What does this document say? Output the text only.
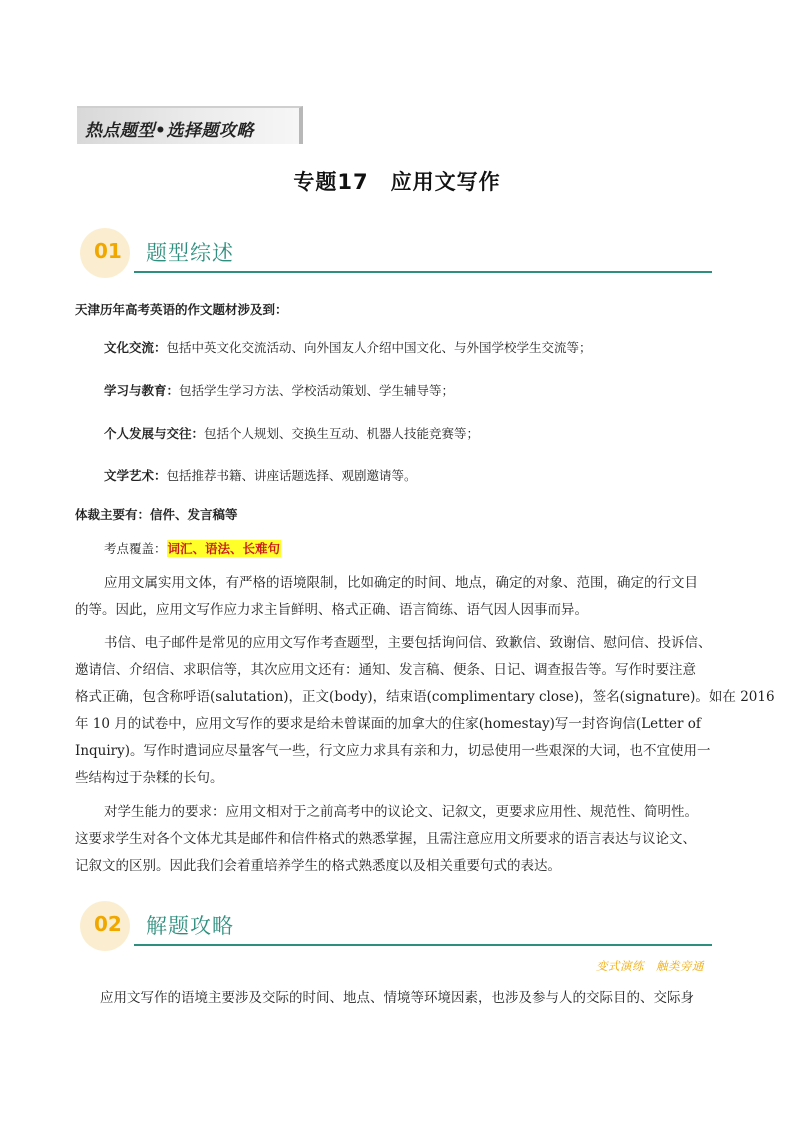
热点题型•选择题攻略
专题17　应用文写作
01 题型综述
天津历年高考英语的作文题材涉及到：
文化交流：包括中英文化交流活动、向外国友人介绍中国文化、与外国学校学生交流等；
学习与教育：包括学生学习方法、学校活动策划、学生辅导等；
个人发展与交往：包括个人规划、交换生互动、机器人技能竞赛等；
文学艺术：包括推荐书籍、讲座话题选择、观剧邀请等。
体裁主要有：信件、发言稿等
考点覆盖：词汇、语法、长难句
应用文属实用文体，有严格的语境限制，比如确定的时间、地点，确定的对象、范围，确定的行文目
的等。因此，应用文写作应力求主旨鲜明、格式正确、语言简练、语气因人因事而异。
书信、电子邮件是常见的应用文写作考查题型，主要包括询问信、致歉信、致谢信、慰问信、投诉信、
邀请信、介绍信、求职信等，其次应用文还有：通知、发言稿、便条、日记、调查报告等。写作时要注意
格式正确，包含称呼语(salutation)，正文(body)，结束语(complimentary close)，签名(signature)。如在 2016
年 10 月的试卷中，应用文写作的要求是给未曾谋面的加拿大的住家(homestay)写一封咨询信(Letter of
Inquiry)。写作时遣词应尽量客气一些，行文应力求具有亲和力，切忌使用一些艰深的大词，也不宜使用一
些结构过于杂糅的长句。
对学生能力的要求：应用文相对于之前高考中的议论文、记叙文，更要求应用性、规范性、简明性。
这要求学生对各个文体尤其是邮件和信件格式的熟悉掌握，且需注意应用文所要求的语言表达与议论文、
记叙文的区别。因此我们会着重培养学生的格式熟悉度以及相关重要句式的表达。
02 解题攻略
变式演练　触类旁通
应用文写作的语境主要涉及交际的时间、地点、情境等环境因素，也涉及参与人的交际目的、交际身
